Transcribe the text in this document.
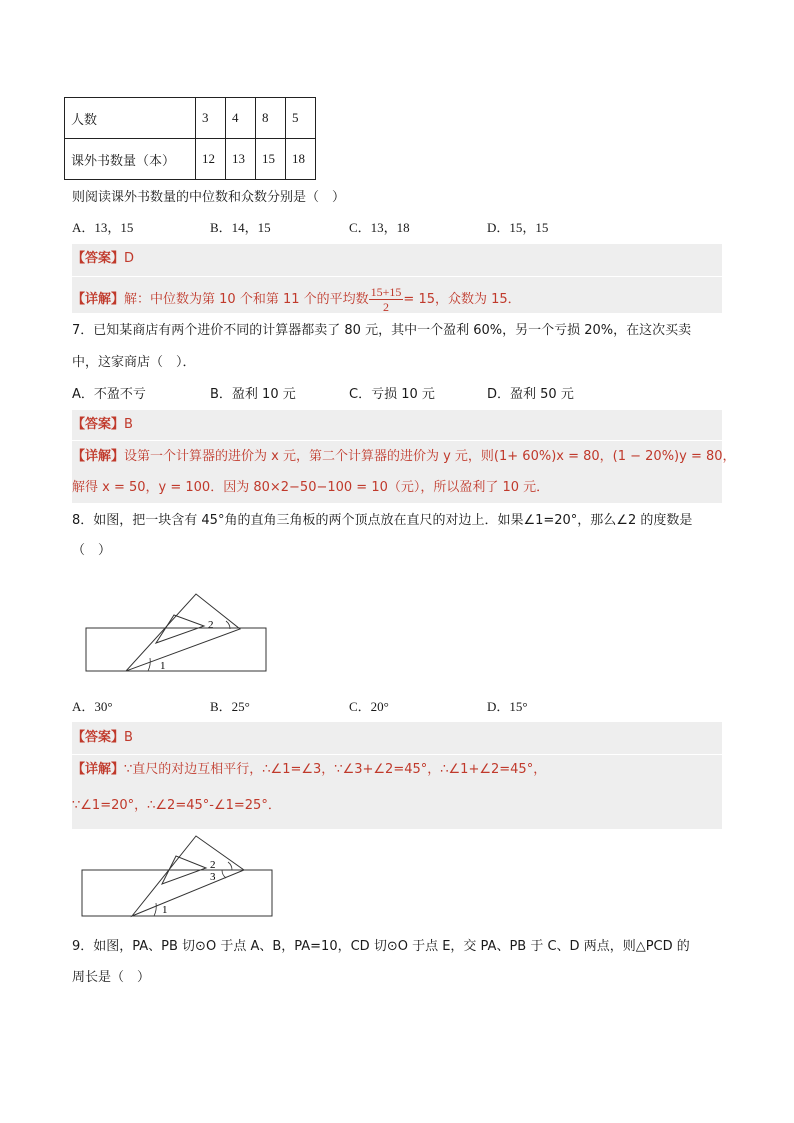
人数	3	4	8	5
课外书数量（本）	12	13	15	18
则阅读课外书数量的中位数和众数分别是（　）
A．13，15	B．14，15	C．13，18	D．15，15
【答案】D
【详解】解：中位数为第 10 个和第 11 个的平均数 $\frac{15+15}{2} = 15$，众数为 15．
7．已知某商店有两个进价不同的计算器都卖了 80 元，其中一个盈利 60%，另一个亏损 20%，在这次买卖
中，这家商店（　）．
A．不盈不亏	B．盈利 10 元	C．亏损 10 元	D．盈利 50 元
【答案】B
【详解】设第一个计算器的进价为 x 元，第二个计算器的进价为 y 元，则(1+ 60%)x = 80，(1 − 20%)y = 80，
解得 x = 50，y = 100．因为 80×2−50−100 = 10（元），所以盈利了 10 元．
8．如图，把一块含有 45°角的直角三角板的两个顶点放在直尺的对边上．如果∠1=20°，那么∠2 的度数是
（　）
1
2
A．30°	B．25°	C．20°	D．15°
【答案】B
【详解】∵直尺的对边互相平行，∴∠1=∠3，∵∠3+∠2=45°，∴∠1+∠2=45°，
∵∠1=20°，∴∠2=45°-∠1=25°．
1
2
3
9．如图，PA、PB 切⊙O 于点 A、B，PA=10，CD 切⊙O 于点 E，交 PA、PB 于 C、D 两点，则△PCD 的
周长是（　）
